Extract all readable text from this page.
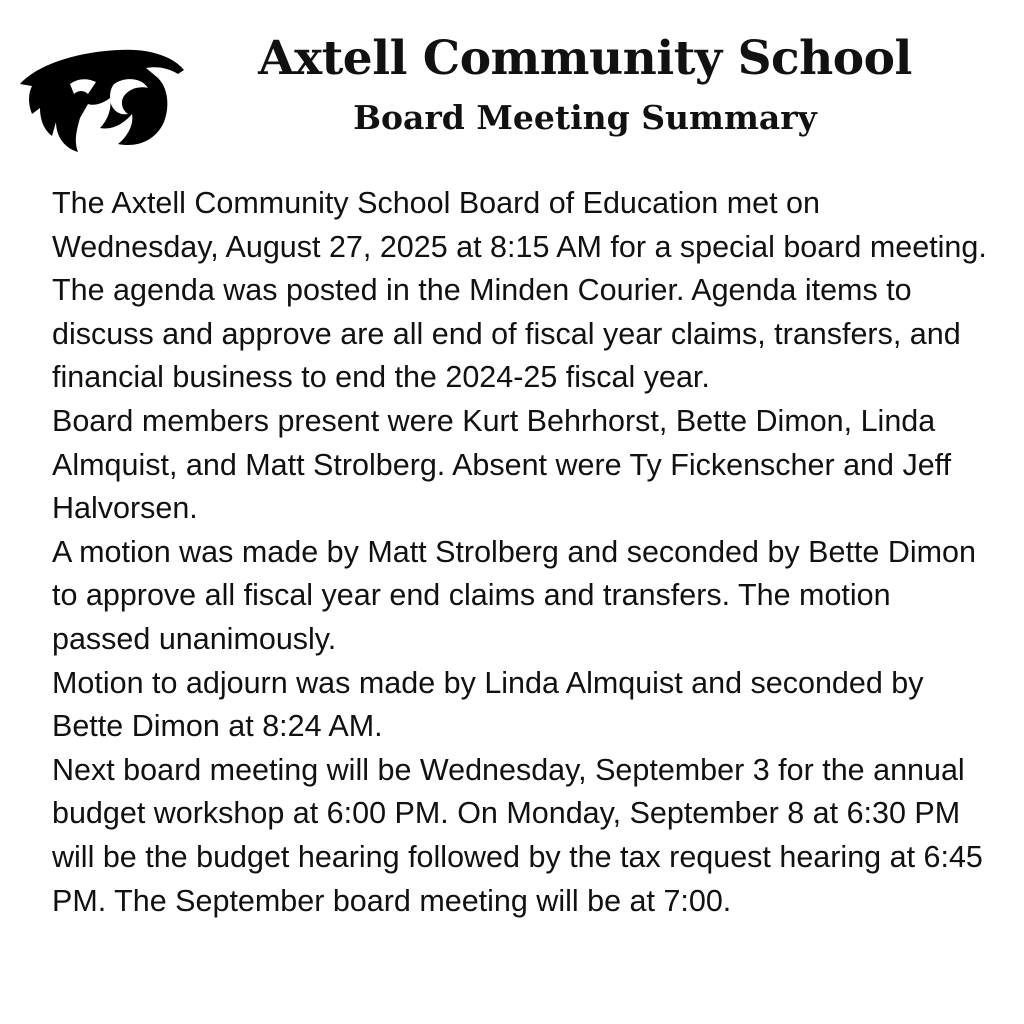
Axtell Community School
Board Meeting Summary

The Axtell Community School Board of Education met on Wednesday, August 27, 2025 at 8:15 AM for a special board meeting. The agenda was posted in the Minden Courier. Agenda items to discuss and approve are all end of fiscal year claims, transfers, and financial business to end the 2024-25 fiscal year.

Board members present were Kurt Behrhorst, Bette Dimon, Linda Almquist, and Matt Strolberg. Absent were Ty Fickenscher and Jeff Halvorsen.

A motion was made by Matt Strolberg and seconded by Bette Dimon to approve all fiscal year end claims and transfers. The motion passed unanimously.

Motion to adjourn was made by Linda Almquist and seconded by Bette Dimon at 8:24 AM.

Next board meeting will be Wednesday, September 3 for the annual budget workshop at 6:00 PM. On Monday, September 8 at 6:30 PM will be the budget hearing followed by the tax request hearing at 6:45 PM. The September board meeting will be at 7:00.
